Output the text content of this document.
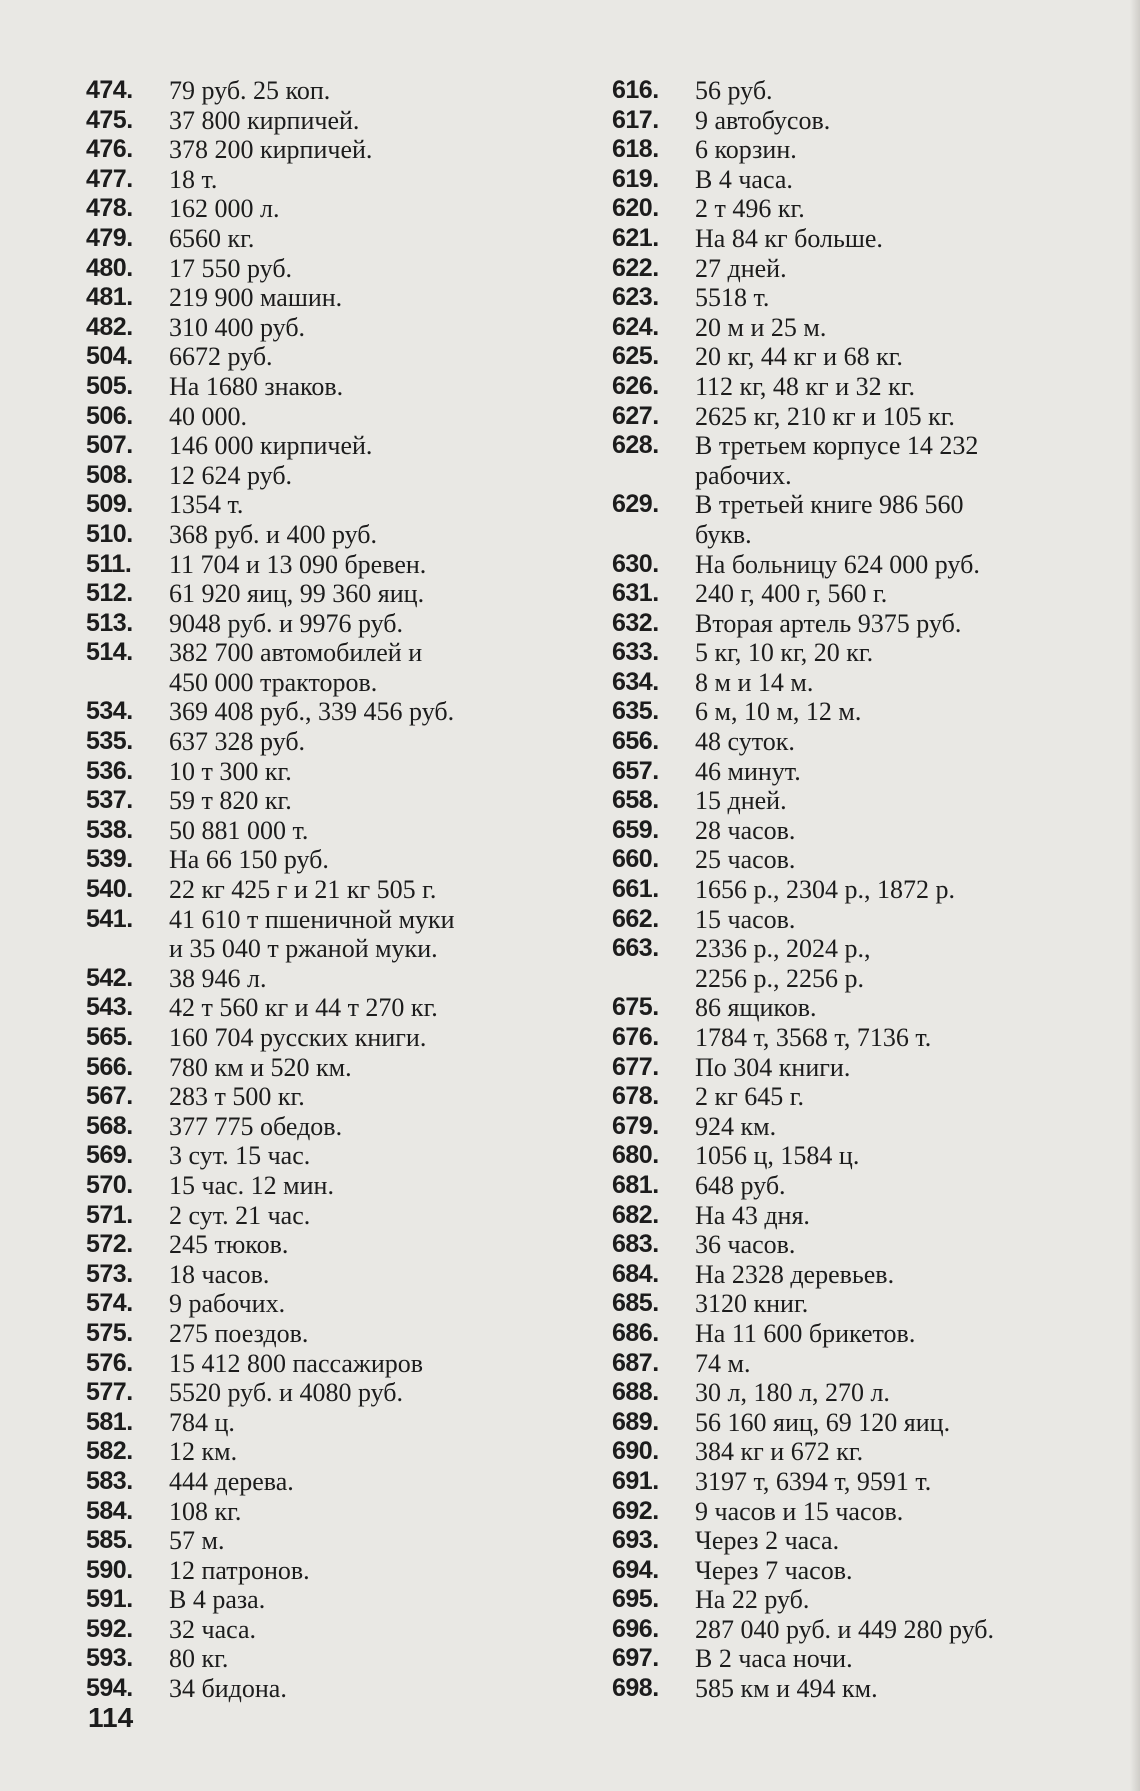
474.	79 руб. 25 коп.
475.	37 800 кирпичей.
476.	378 200 кирпичей.
477.	18 т.
478.	162 000 л.
479.	6560 кг.
480.	17 550 руб.
481.	219 900 машин.
482.	310 400 руб.
504.	6672 руб.
505.	На 1680 знаков.
506.	40 000.
507.	146 000 кирпичей.
508.	12 624 руб.
509.	1354 т.
510.	368 руб. и 400 руб.
511.	11 704 и 13 090 бревен.
512.	61 920 яиц, 99 360 яиц.
513.	9048 руб. и 9976 руб.
514.	382 700 автомобилей и
450 000 тракторов.
534.	369 408 руб., 339 456 руб.
535.	637 328 руб.
536.	10 т 300 кг.
537.	59 т 820 кг.
538.	50 881 000 т.
539.	На 66 150 руб.
540.	22 кг 425 г и 21 кг 505 г.
541.	41 610 т пшеничной муки
и 35 040 т ржаной муки.
542.	38 946 л.
543.	42 т 560 кг и 44 т 270 кг.
565.	160 704 русских книги.
566.	780 км и 520 км.
567.	283 т 500 кг.
568.	377 775 обедов.
569.	3 сут. 15 час.
570.	15 час. 12 мин.
571.	2 сут. 21 час.
572.	245 тюков.
573.	18 часов.
574.	9 рабочих.
575.	275 поездов.
576.	15 412 800 пассажиров
577.	5520 руб. и 4080 руб.
581.	784 ц.
582.	12 км.
583.	444 дерева.
584.	108 кг.
585.	57 м.
590.	12 патронов.
591.	В 4 раза.
592.	32 часа.
593.	80 кг.
594.	34 бидона.
616.	56 руб.
617.	9 автобусов.
618.	6 корзин.
619.	В 4 часа.
620.	2 т 496 кг.
621.	На 84 кг больше.
622.	27 дней.
623.	5518 т.
624.	20 м и 25 м.
625.	20 кг, 44 кг и 68 кг.
626.	112 кг, 48 кг и 32 кг.
627.	2625 кг, 210 кг и 105 кг.
628.	В третьем корпусе 14 232
рабочих.
629.	В третьей книге 986 560
букв.
630.	На больницу 624 000 руб.
631.	240 г, 400 г, 560 г.
632.	Вторая артель 9375 руб.
633.	5 кг, 10 кг, 20 кг.
634.	8 м и 14 м.
635.	6 м, 10 м, 12 м.
656.	48 суток.
657.	46 минут.
658.	15 дней.
659.	28 часов.
660.	25 часов.
661.	1656 р., 2304 р., 1872 р.
662.	15 часов.
663.	2336 р., 2024 р.,
2256 р., 2256 р.
675.	86 ящиков.
676.	1784 т, 3568 т, 7136 т.
677.	По 304 книги.
678.	2 кг 645 г.
679.	924 км.
680.	1056 ц, 1584 ц.
681.	648 руб.
682.	На 43 дня.
683.	36 часов.
684.	На 2328 деревьев.
685.	3120 книг.
686.	На 11 600 брикетов.
687.	74 м.
688.	30 л, 180 л, 270 л.
689.	56 160 яиц, 69 120 яиц.
690.	384 кг и 672 кг.
691.	3197 т, 6394 т, 9591 т.
692.	9 часов и 15 часов.
693.	Через 2 часа.
694.	Через 7 часов.
695.	На 22 руб.
696.	287 040 руб. и 449 280 руб.
697.	В 2 часа ночи.
698.	585 км и 494 км.
114
